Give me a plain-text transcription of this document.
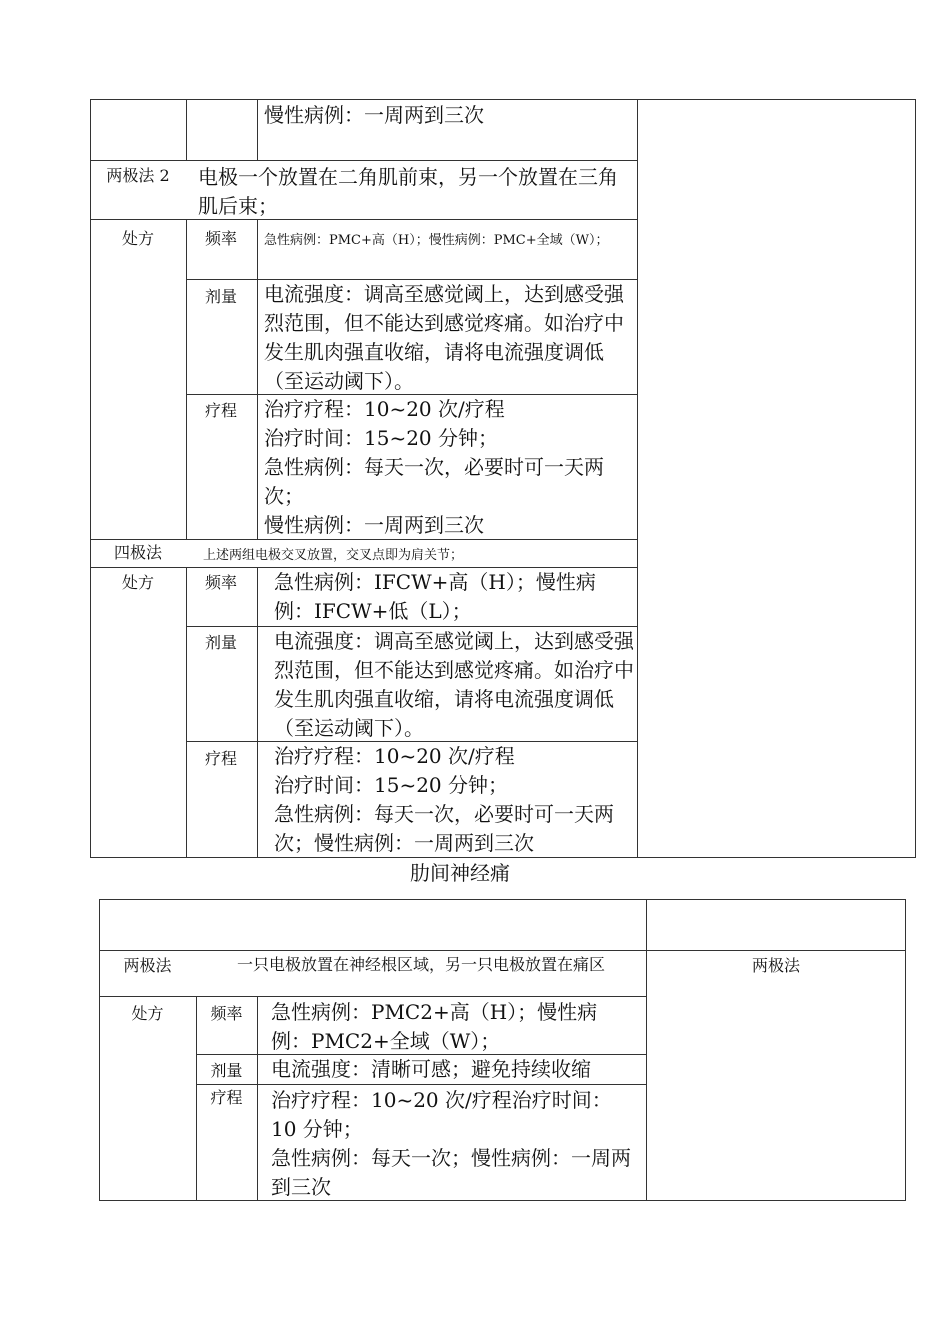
慢性病例：一周两到三次
两极法 2	电极一个放置在二角肌前束，另一个放置在三角肌后束；
处方	频率	急性病例：PMC+高（H）；慢性病例：PMC+全域（W）；
剂量	电流强度：调高至感觉阈上，达到感受强烈范围，但不能达到感觉疼痛。如治疗中发生肌肉强直收缩，请将电流强度调低（至运动阈下）。
疗程	治疗疗程：10~20 次/疗程
治疗时间：15~20 分钟；
急性病例：每天一次，必要时可一天两次；
慢性病例：一周两到三次
四极法	上述两组电极交叉放置，交叉点即为肩关节；
处方	频率	急性病例：IFCW+高（H）；慢性病例：IFCW+低（L）；
剂量	电流强度：调高至感觉阈上，达到感受强烈范围，但不能达到感觉疼痛。如治疗中发生肌肉强直收缩，请将电流强度调低（至运动阈下）。
疗程	治疗疗程：10~20 次/疗程
治疗时间：15~20 分钟；
急性病例：每天一次，必要时可一天两次；慢性病例：一周两到三次
肋间神经痛
两极法	一只电极放置在神经根区域，另一只电极放置在痛区	两极法
处方	频率	急性病例：PMC2+高（H）；慢性病例：PMC2+全域（W）；
剂量	电流强度：清晰可感；避免持续收缩
疗程	治疗疗程：10~20 次/疗程治疗时间：10 分钟；
急性病例：每天一次；慢性病例：一周两到三次
